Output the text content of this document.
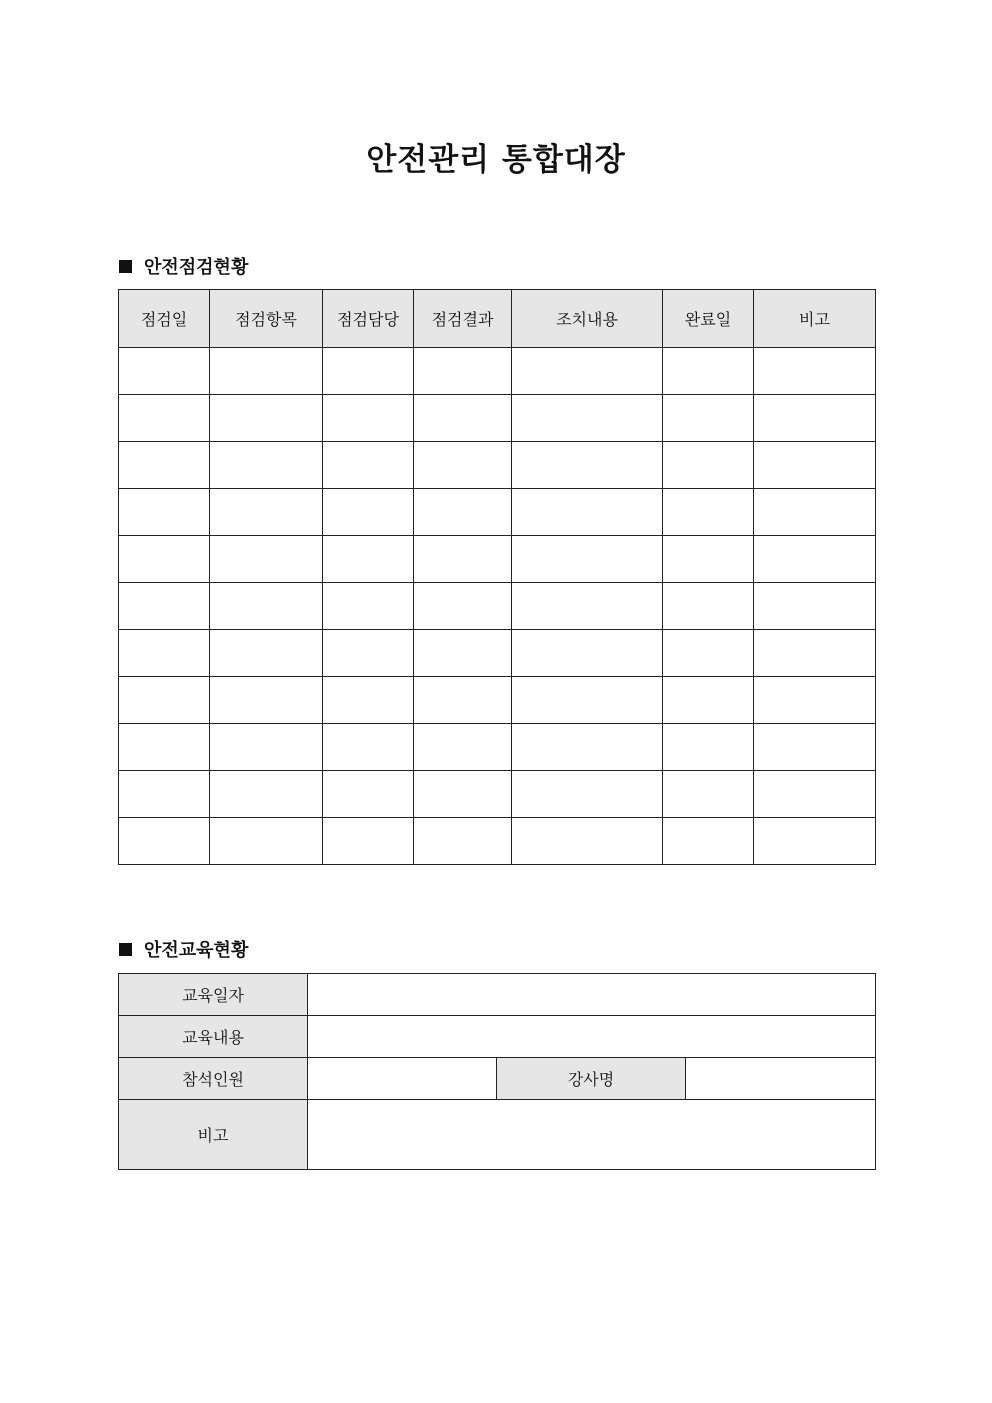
안전관리 통합대장
안전점검현황
점검일	점검항목	점검담당	점검결과	조치내용	완료일	비고

안전교육현황
교육일자			
교육내용			
참석인원		강사명	
비고			
